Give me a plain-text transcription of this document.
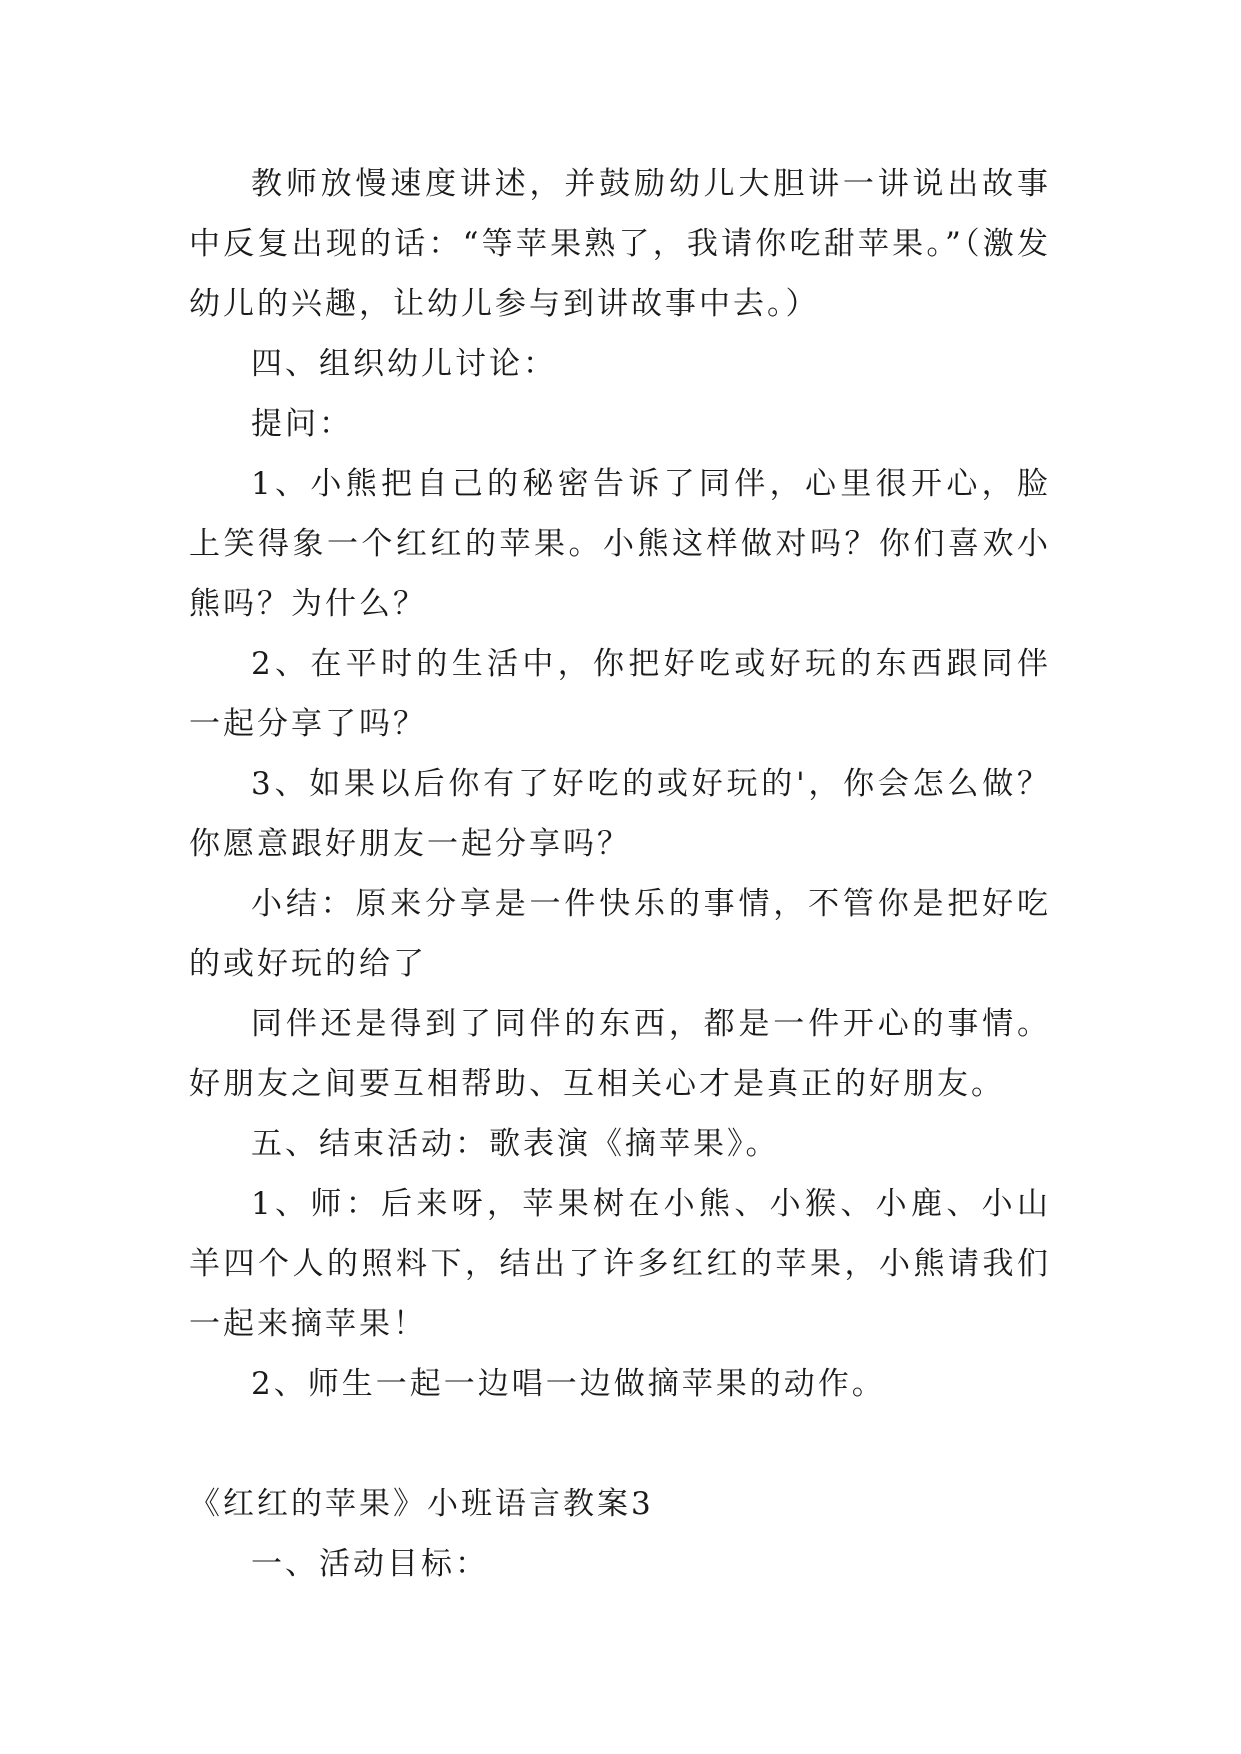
教师放慢速度讲述，并鼓励幼儿大胆讲一讲说出故事中反复出现的话：“等苹果熟了，我请你吃甜苹果。”（激发幼儿的兴趣，让幼儿参与到讲故事中去。）

四、组织幼儿讨论：

提问：

1、小熊把自己的秘密告诉了同伴，心里很开心，脸上笑得象一个红红的苹果。小熊这样做对吗？你们喜欢小熊吗？为什么？

2、在平时的生活中，你把好吃或好玩的东西跟同伴一起分享了吗？

3、如果以后你有了好吃的或好玩的'，你会怎么做？你愿意跟好朋友一起分享吗？

小结：原来分享是一件快乐的事情，不管你是把好吃的或好玩的给了

同伴还是得到了同伴的东西，都是一件开心的事情。好朋友之间要互相帮助、互相关心才是真正的好朋友。

五、结束活动：歌表演《摘苹果》。

1、师：后来呀，苹果树在小熊、小猴、小鹿、小山羊四个人的照料下，结出了许多红红的苹果，小熊请我们一起来摘苹果！

2、师生一起一边唱一边做摘苹果的动作。

《红红的苹果》小班语言教案3

一、活动目标：
